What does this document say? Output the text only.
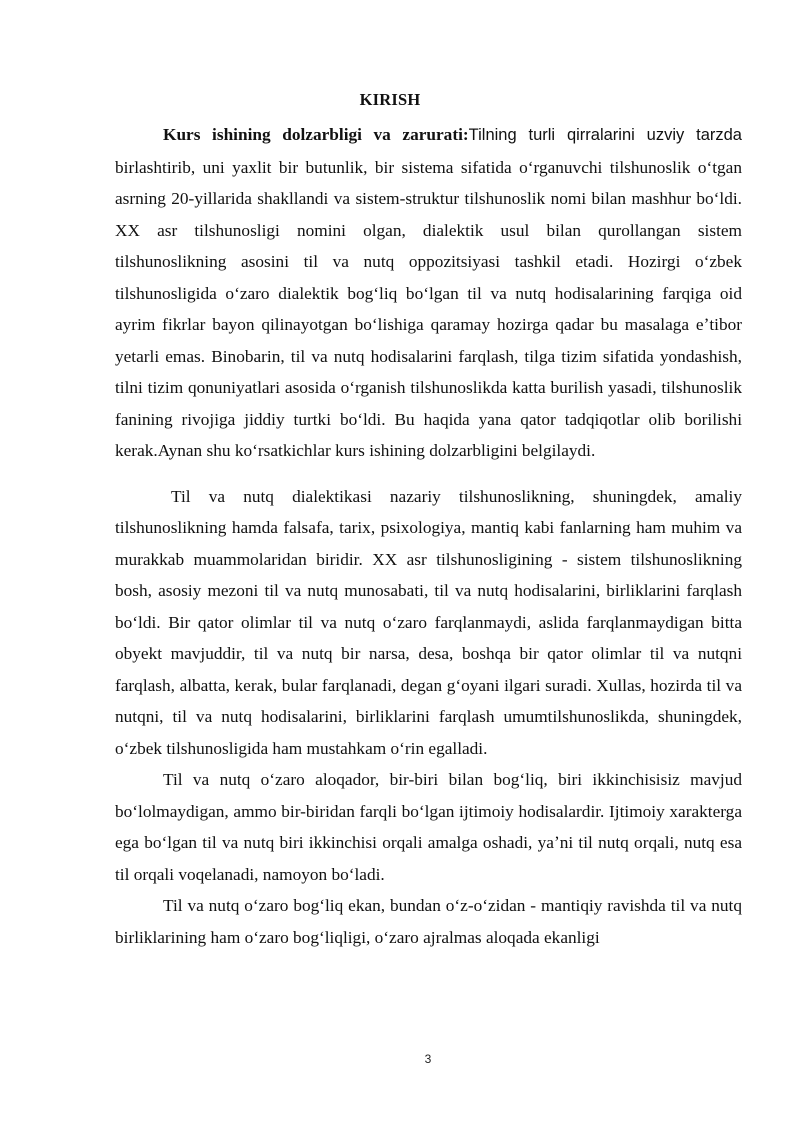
KIRISH

Kurs ishining dolzarbligi va zarurati:Tilning turli qirralarini uzviy tarzda birlashtirib, uni yaxlit bir butunlik, bir sistema sifatida oʻrganuvchi tilshunoslik oʻtgan asrning 20-yillarida shakllandi va sistem-struktur tilshunoslik nomi bilan mashhur boʻldi. XX asr tilshunosligi nomini olgan, dialektik usul bilan qurollangan sistem tilshunoslikning asosini til va nutq oppozitsiyasi tashkil etadi. Hozirgi oʻzbek tilshunosligida oʻzaro dialektik bogʻliq boʻlgan til va nutq hodisalarining farqiga oid ayrim fikrlar bayon qilinayotgan boʻlishiga qaramay hozirga qadar bu masalaga eʼtibor yetarli emas. Binobarin, til va nutq hodisalarini farqlash, tilga tizim sifatida yondashish, tilni tizim qonuniyatlari asosida oʻrganish tilshunoslikda katta burilish yasadi, tilshunoslik fanining rivojiga jiddiy turtki boʻldi. Bu haqida yana qator tadqiqotlar olib borilishi kerak.Aynan shu koʻrsatkichlar kurs ishining dolzarbligini belgilaydi.

Til va nutq dialektikasi nazariy tilshunoslikning, shuningdek, amaliy tilshunoslikning hamda falsafa, tarix, psixologiya, mantiq kabi fanlarning ham muhim va murakkab muammolaridan biridir. XX asr tilshunosligining - sistem tilshunoslikning bosh, asosiy mezoni til va nutq munosabati, til va nutq hodisalarini, birliklarini farqlash boʻldi. Bir qator olimlar til va nutq oʻzaro farqlanmaydi, aslida farqlanmaydigan bitta obyekt mavjuddir, til va nutq bir narsa, desa, boshqa bir qator olimlar til va nutqni farqlash, albatta, kerak, bular farqlanadi, degan gʻoyani ilgari suradi. Xullas, hozirda til va nutqni, til va nutq hodisalarini, birliklarini farqlash umumtilshunoslikda, shuningdek, oʻzbek tilshunosligida ham mustahkam oʻrin egalladi.

Til va nutq oʻzaro aloqador, bir-biri bilan bogʻliq, biri ikkinchisisiz mavjud boʻlolmaydigan, ammo bir-biridan farqli boʻlgan ijtimoiy hodisalardir. Ijtimoiy xarakterga ega boʻlgan til va nutq biri ikkinchisi orqali amalga oshadi, yaʼni til nutq orqali, nutq esa til orqali voqelanadi, namoyon boʻladi.

Til va nutq oʻzaro bogʻliq ekan, bundan oʻz-oʻzidan - mantiqiy ravishda til va nutq birliklarining ham oʻzaro bogʻliqligi, oʻzaro ajralmas aloqada ekanligi

3
